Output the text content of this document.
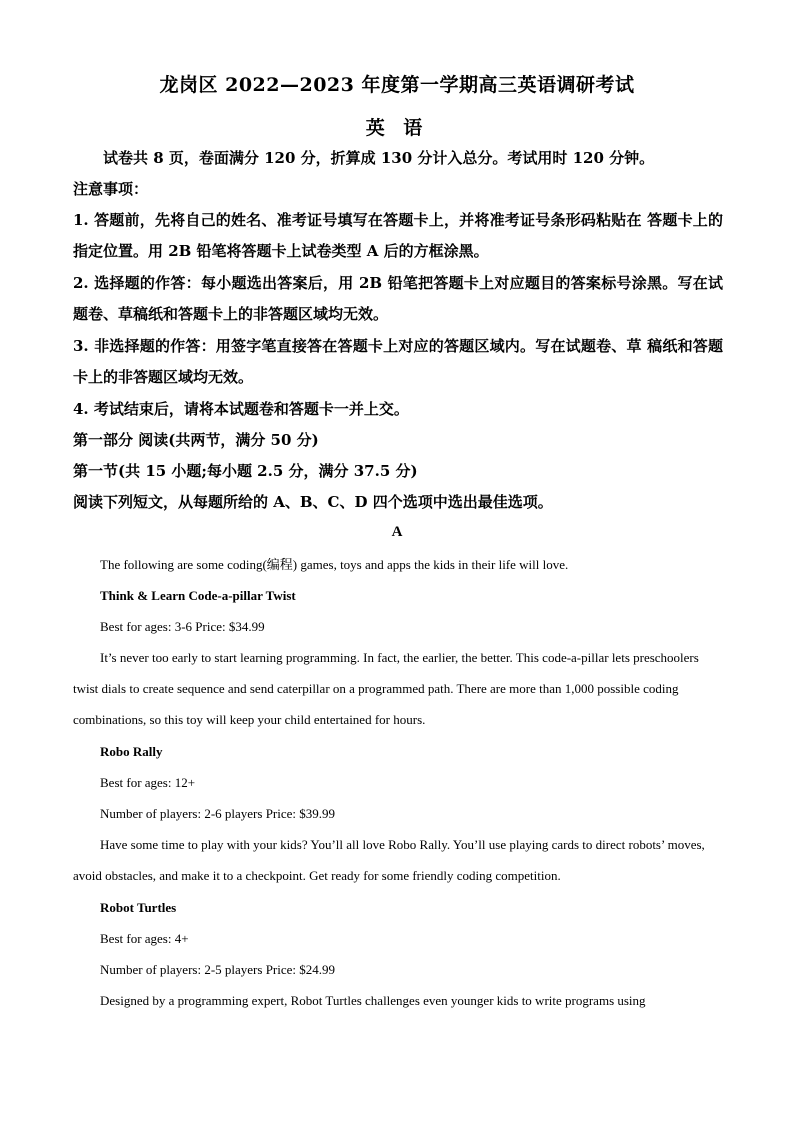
龙岗区 2022—2023 年度第一学期高三英语调研考试
英 语
试卷共 8 页，卷面满分 120 分，折算成 130 分计入总分。考试用时 120 分钟。
注意事项：
1. 答题前，先将自己的姓名、准考证号填写在答题卡上，并将准考证号条形码粘贴在 答题卡上的指定位置。用 2B 铅笔将答题卡上试卷类型 A 后的方框涂黑。
2. 选择题的作答：每小题选出答案后，用 2B 铅笔把答题卡上对应题目的答案标号涂黑。写在试题卷、草稿纸和答题卡上的非答题区域均无效。
3. 非选择题的作答：用签字笔直接答在答题卡上对应的答题区域内。写在试题卷、草 稿纸和答题卡上的非答题区域均无效。
4. 考试结束后，请将本试题卷和答题卡一并上交。
第一部分 阅读(共两节，满分 50 分)
第一节(共 15 小题;每小题 2.5 分，满分 37.5 分)
阅读下列短文，从每题所给的 A、B、C、D 四个选项中选出最佳选项。
A
The following are some coding(编程) games, toys and apps the kids in their life will love.
Think & Learn Code-a-pillar Twist
Best for ages: 3-6 Price: $34.99
It’s never too early to start learning programming. In fact, the earlier, the better. This code-a-pillar lets preschoolers twist dials to create sequence and send caterpillar on a programmed path. There are more than 1,000 possible coding combinations, so this toy will keep your child entertained for hours.
Robo Rally
Best for ages: 12+
Number of players: 2-6 players Price: $39.99
Have some time to play with your kids? You’ll all love Robo Rally. You’ll use playing cards to direct robots’ moves, avoid obstacles, and make it to a checkpoint. Get ready for some friendly coding competition.
Robot Turtles
Best for ages: 4+
Number of players: 2-5 players Price: $24.99
Designed by a programming expert, Robot Turtles challenges even younger kids to write programs using
